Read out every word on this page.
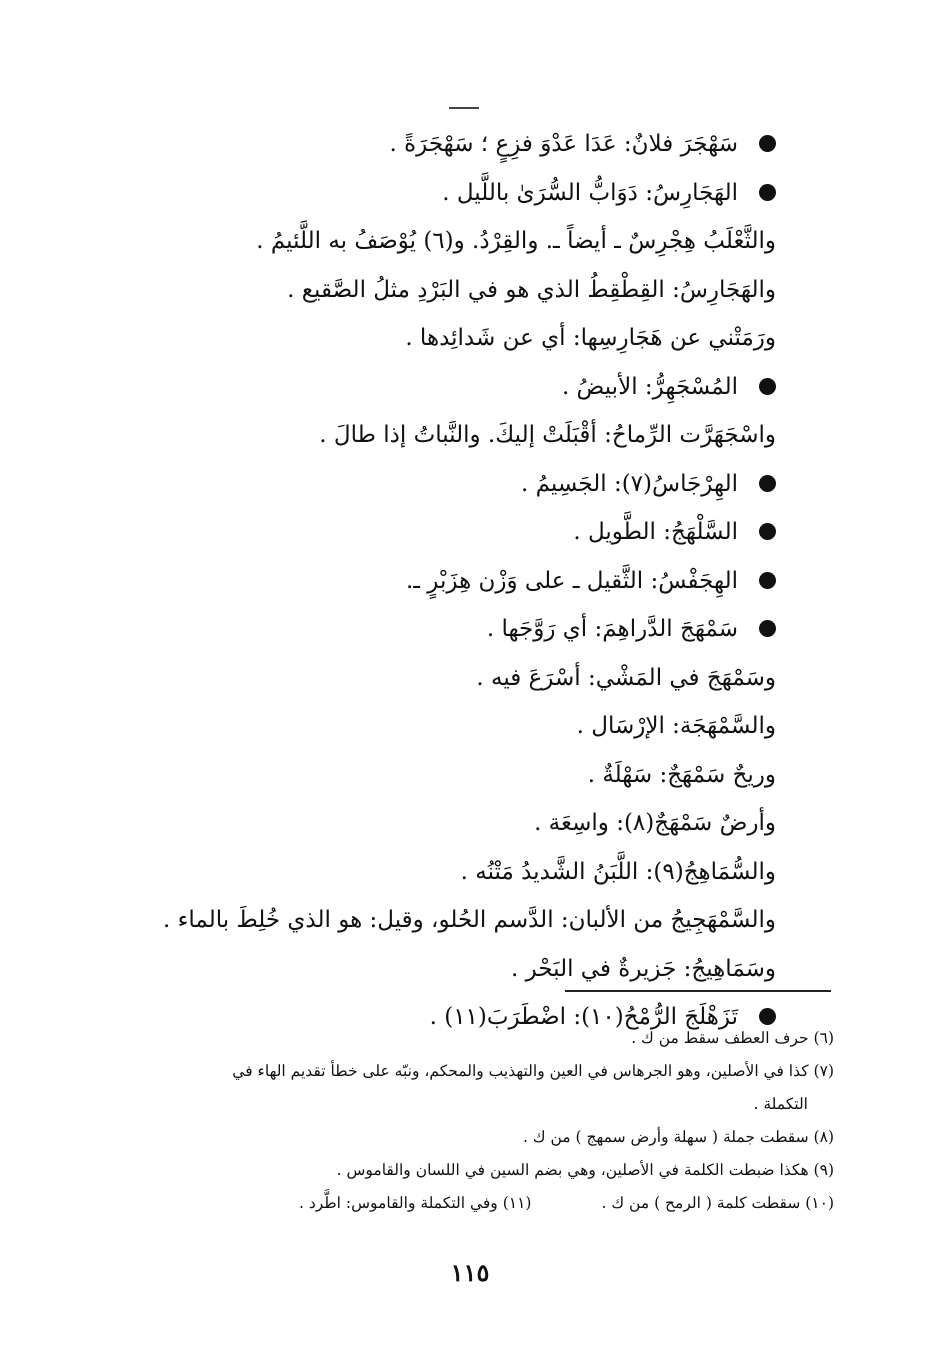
سَهْجَرَ فلانٌ: عَدَا عَدْوَ فزِعٍ ؛ سَهْجَرَةً .
الهَجَارِسُ: دَوَابُّ السُّرَىٰ باللَّيل .
والثَّعْلَبُ هِجْرِسٌ ـ أيضاً ـ. والقِرْدُ. و(٦) يُوْصَفُ به اللَّئيمُ .
والهَجَارِسُ: القِطْقِطُ الذي هو في البَرْدِ مثلُ الصَّقيع .
ورَمَتْني عن هَجَارِسِها: أي عن شَدائِدها .
المُسْجَهِرُّ: الأبيضُ .
واسْجَهَرَّت الرِّماحُ: أقْبَلَتْ إليكَ. والنَّباتُ إذا طالَ .
الهِرْجَاسُ(٧): الجَسِيمُ .
السَّلْهَجُ: الطَّويل .
الهِجَفْسُ: الثَّقيل ـ على وَزْن هِزَبْرٍ ـ.
سَمْهَجَ الدَّراهِمَ: أي رَوَّجَها .
وسَمْهَجَ في المَشْي: أسْرَعَ فيه .
والسَّمْهَجَة: الإرْسَال .
وريحٌ سَمْهَجٌ: سَهْلَةٌ .
وأرضٌ سَمْهَجٌ(٨): واسِعَة .
والسُّمَاهِجُ(٩): اللَّبَنُ الشَّديدُ مَتْنُه .
والسَّمْهَجِيجُ من الألبان: الدَّسم الحُلو، وقيل: هو الذي خُلِطَ بالماء .
وسَمَاهِيجُ: جَزيرةٌ في البَحْر .
تَزَهْلَجَ الرُّمْحُ(١٠): اضْطَرَبَ(١١) .
(٦) حرف العطف سقط من ك .
(٧) كذا في الأصلين، وهو الجرهاس في العين والتهذيب والمحكم، ونبّه على خطأ تقديم الهاء في
التكملة .
(٨) سقطت جملة ( سهلة وأرض سمهج ) من ك .
(٩) هكذا ضبطت الكلمة في الأصلين، وهي بضم السين في اللسان والقاموس .
(١٠) سقطت كلمة ( الرمح ) من ك .
(١١) وفي التكملة والقاموس: اطَّرد .
١١٥
